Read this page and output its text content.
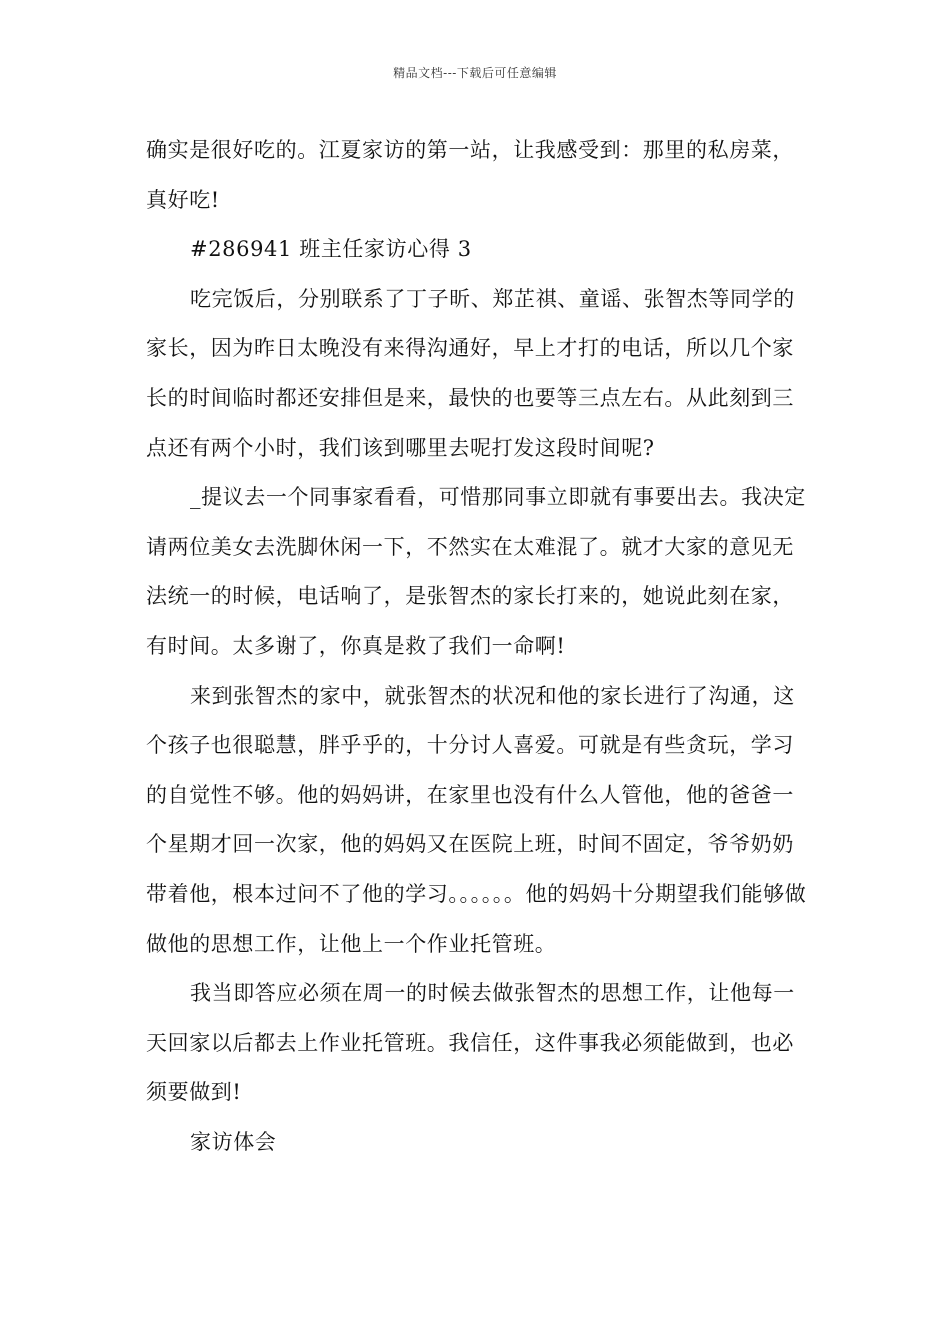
精品文档---下载后可任意编辑

确实是很好吃的。江夏家访的第一站，让我感受到：那里的私房菜，真好吃!

#286941 班主任家访心得 3

吃完饭后，分别联系了丁子昕、郑芷祺、童谣、张智杰等同学的家长，因为昨日太晚没有来得沟通好，早上才打的电话，所以几个家长的时间临时都还安排但是来，最快的也要等三点左右。从此刻到三点还有两个小时，我们该到哪里去呢打发这段时间呢?

_提议去一个同事家看看，可惜那同事立即就有事要出去。我决定请两位美女去洗脚休闲一下，不然实在太难混了。就才大家的意见无法统一的时候，电话响了，是张智杰的家长打来的，她说此刻在家，有时间。太多谢了，你真是救了我们一命啊!

来到张智杰的家中，就张智杰的状况和他的家长进行了沟通，这个孩子也很聪慧，胖乎乎的，十分讨人喜爱。可就是有些贪玩，学习的自觉性不够。他的妈妈讲，在家里也没有什么人管他，他的爸爸一个星期才回一次家，他的妈妈又在医院上班，时间不固定，爷爷奶奶带着他，根本过问不了他的学习。。。。。。他的妈妈十分期望我们能够做做他的思想工作，让他上一个作业托管班。

我当即答应必须在周一的时候去做张智杰的思想工作，让他每一天回家以后都去上作业托管班。我信任，这件事我必须能做到，也必须要做到!

家访体会
